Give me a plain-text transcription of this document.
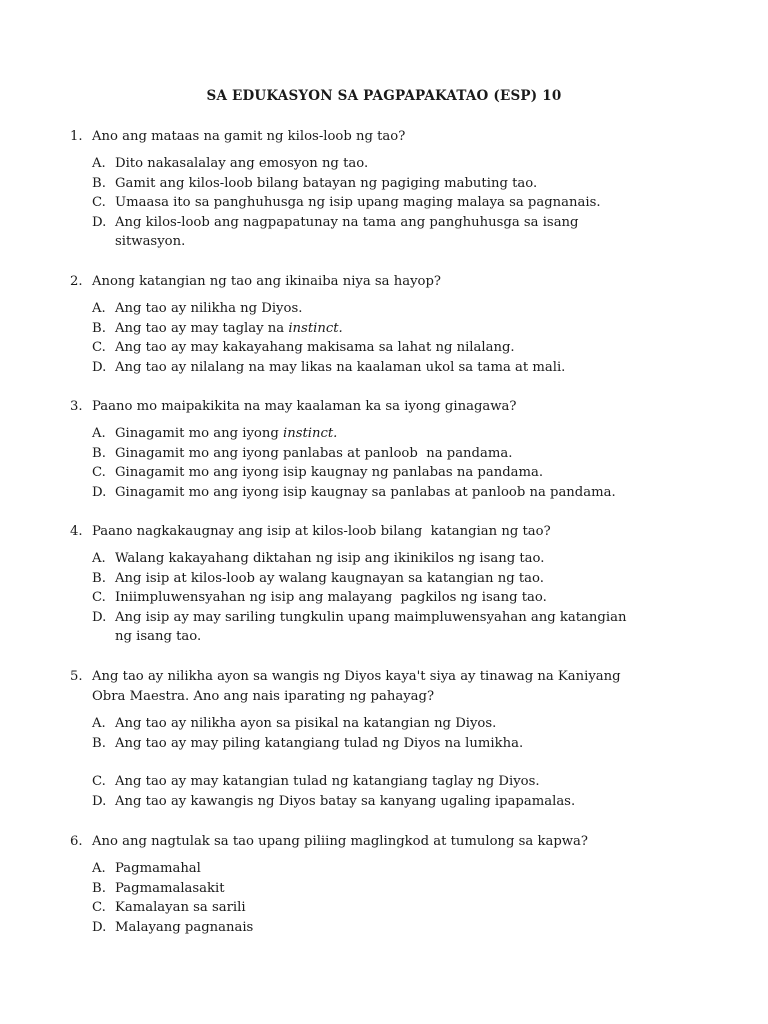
SA EDUKASYON SA PAGPAPAKATAO (ESP) 10
1. Ano ang mataas na gamit ng kilos-loob ng tao?
A. Dito nakasalalay ang emosyon ng tao.
B. Gamit ang kilos-loob bilang batayan ng pagiging mabuting tao.
C. Umaasa ito sa panghuhusga ng isip upang maging malaya sa pagnanais.
D. Ang kilos-loob ang nagpapatunay na tama ang panghuhusga sa isang
sitwasyon.
2. Anong katangian ng tao ang ikinaiba niya sa hayop?
A. Ang tao ay nilikha ng Diyos.
B. Ang tao ay may taglay na instinct.
C. Ang tao ay may kakayahang makisama sa lahat ng nilalang.
D. Ang tao ay nilalang na may likas na kaalaman ukol sa tama at mali.
3. Paano mo maipakikita na may kaalaman ka sa iyong ginagawa?
A. Ginagamit mo ang iyong instinct.
B. Ginagamit mo ang iyong panlabas at panloob  na pandama.
C. Ginagamit mo ang iyong isip kaugnay ng panlabas na pandama.
D. Ginagamit mo ang iyong isip kaugnay sa panlabas at panloob na pandama.
4. Paano nagkakaugnay ang isip at kilos-loob bilang  katangian ng tao?
A. Walang kakayahang diktahan ng isip ang ikinikilos ng isang tao.
B. Ang isip at kilos-loob ay walang kaugnayan sa katangian ng tao.
C. Iniimpluwensyahan ng isip ang malayang  pagkilos ng isang tao.
D. Ang isip ay may sariling tungkulin upang maimpluwensyahan ang katangian
ng isang tao.
5. Ang tao ay nilikha ayon sa wangis ng Diyos kaya't siya ay tinawag na Kaniyang
Obra Maestra. Ano ang nais iparating ng pahayag?
A. Ang tao ay nilikha ayon sa pisikal na katangian ng Diyos.
B. Ang tao ay may piling katangiang tulad ng Diyos na lumikha.
C. Ang tao ay may katangian tulad ng katangiang taglay ng Diyos.
D. Ang tao ay kawangis ng Diyos batay sa kanyang ugaling ipapamalas.
6. Ano ang nagtulak sa tao upang piliing maglingkod at tumulong sa kapwa?
A. Pagmamahal
B. Pagmamalasakit
C. Kamalayan sa sarili
D. Malayang pagnanais
